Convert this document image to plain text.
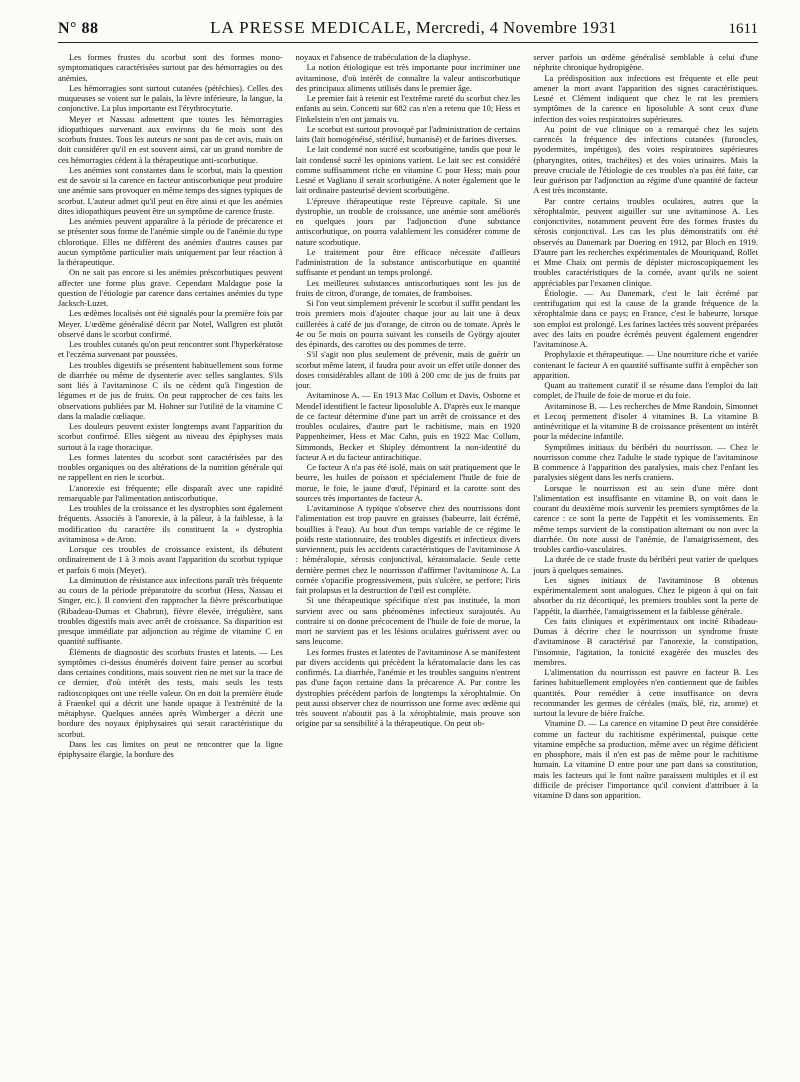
N° 88	LA PRESSE MEDICALE, Mercredi, 4 Novembre 1931	1611

Les formes frustes du scorbut sont des formes mono-symptomatiques caractérisées surtout par des hémorragies ou des anémies.

Les hémorragies sont surtout cutanées (pétéchies). Celles des muqueuses se voient sur le palais, la lèvre inférieure, la langue, la conjonctive. La plus importante est l'érythrocyturie.

Meyer et Nassau admettent que toutes les hémorragies idiopathiques survenant aux environs du 6e mois sont des scorbuts frustes. Tous les auteurs ne sont pas de cet avis, mais on doit considérer qu'il en est souvent ainsi, car un grand nombre de ces hémorragies cèdent à la thérapeutique anti-scorbutique.

Les anémies sont constantes dans le scorbut, mais la question est de savoir si la carence en facteur antiscorbutique peut produire une anémie sans provoquer en même temps des signes typiques de scorbut. L'auteur admet qu'il peut en être ainsi et que les anémies dites idiopathiques peuvent être un symptôme de carence fruste.

Les anémies peuvent apparaître à la période de précarence et se présenter sous forme de l'anémie simple ou de l'anémie du type chlorotique. Elles ne diffèrent des anémies d'autres causes par aucun symptôme particulier mais uniquement par leur réaction à la thérapeutique.

On ne sait pas encore si les anémies préscorbutiques peuvent affecter une forme plus grave. Cependant Maldague pose la question de l'étiologie par carence dans certaines anémies du type Jacksch-Luzet.

Les œdèmes localisés ont été signalés pour la première fois par Meyer. L'œdème généralisé décrit par Notel, Wallgren est plutôt observé dans le scorbut confirmé.

Les troubles cutanés qu'on peut rencontrer sont l'hyperkératose et l'eczéma survenant par poussées.

Les troubles digestifs se présentent habituellement sous forme de diarrhée ou même de dysenterie avec selles sanglantes. S'ils sont liés à l'avitaminose C ils ne cèdent qu'à l'ingestion de légumes et de jus de fruits. On peut rapprocher de ces faits les observations publiées par M. Hohner sur l'utilité de la vitamine C dans la maladie cœliaque.

Les douleurs peuvent exister longtemps avant l'apparition du scorbut confirmé. Elles siègent au niveau des épiphyses mais surtout à la cage thoracique.

Les formes latentes du scorbut sont caractérisées par des troubles organiques ou des altérations de la nutrition générale qui ne rappellent en rien le scorbut.

L'anorexie est fréquente; elle disparaît avec une rapidité remarquable par l'alimentation antiscorbutique.

Les troubles de la croissance et les dystrophies sont également fréquents. Associés à l'anorexie, à la pâleur, à la faiblesse, à la modification du caractère ils constituent la « dystrophia avitaminosa » de Aron.

Lorsque ces troubles de croissance existent, ils débutent ordinairement de 1 à 3 mois avant l'apparition du scorbut typique et parfois 6 mois (Meyer).

La diminution de résistance aux infections paraît très fréquente au cours de la période préparatoire du scorbut (Hess, Nassau et Singer, etc.). Il convient d'en rapprocher la fièvre préscorbutique (Ribadeau-Dumas et Chabrun), fièvre élevée, irrégulière, sans troubles digestifs mais avec arrêt de croissance. Sa disparition est presque immédiate par adjonction au régime de vitamine C en quantité suffisante.

Éléments de diagnostic des scorbuts frustes et latents. — Les symptômes ci-dessus énumérés doivent faire penser au scorbut dans certaines conditions, mais souvent rien ne met sur la trace de ce dernier, d'où intérêt des tests, mais seuls les tests radioscopiques ont une réelle valeur. On en doit la première étude à Fraenkel qui a décrit une bande opaque à l'extrémité de la métaphyse. Quelques années après Wimberger a décrit une bordure des noyaux épiphysaires qui serait caractéristique du scorbut.

Dans les cas limites on peut ne rencontrer que la ligne épiphysaire élargie, la bordure des

noyaux et l'absence de trabéculation de la diaphyse.

La notion étiologique est très importante pour incriminer une avitaminose, d'où intérêt de connaître la valeur antiscorbutique des principaux aliments utilisés dans le premier âge.

Le premier fait à retenir est l'extrême rareté du scorbut chez les enfants au sein. Concetti sur 682 cas n'en a retenu que 10; Hess et Finkelstein n'en ont jamais vu.

Le scorbut est surtout provoqué par l'administration de certains laits (lait homogénéisé, stérilisé, humanisé) et de farines diverses.

Le lait condensé non sucré est scorbutigène, tandis que pour le lait condensé sucré les opinions varient. Le lait sec est considéré comme suffisamment riche en vitamine C pour Hess; mais pour Lesné et Vagliano il serait scorbutigène. A noter également que le lait ordinaire pasteurisé devient scorbutigène.

L'épreuve thérapeutique reste l'épreuve capitale. Si une dystrophie, un trouble de croissance, une anémie sont améliorés en quelques jours par l'adjonction d'une substance antiscorbutique, on pourra valablement les considérer comme de nature scorbutique.

Le traitement pour être efficace nécessite d'ailleurs l'administration de la substance antiscorbutique en quantité suffisante et pendant un temps prolongé.

Les meilleures substances antiscorbutiques sont les jus de fruits de citron, d'orange, de tomates, de framboises.

Si l'on veut simplement prévenir le scorbut il suffit pendant les trois premiers mois d'ajouter chaque jour au lait une à deux cuillerées à café de jus d'orange, de citron ou de tomate. Après le 4e ou 5e mois on pourra suivant les conseils de György ajouter des épinards, des carottes ou des pommes de terre.

S'il s'agit non plus seulement de prévenir, mais de guérir un scorbut même latent, il faudra pour avoir un effet utile donner des doses considérables allant de 100 à 200 cmc de jus de fruits par jour.

Avitaminose A. — En 1913 Mac Collum et Davis, Osborne et Mendel identifient le facteur liposoluble A. D'après eux le manque de ce facteur détermine d'une part un arrêt de croissance et des troubles oculaires, d'autre part le rachitisme, mais en 1920 Pappenheimer, Hess et Mac Cahn, puis en 1922 Mac Collum, Simmonds, Becker et Shipley démontrent la non-identité du facteur A et du facteur antirachitique.

Ce facteur A n'a pas été isolé, mais on sait pratiquement que le beurre, les huiles de poisson et spécialement l'huile de foie de morue, le foie, le jaune d'œuf, l'épinard et la carotte sont des sources très importantes de facteur A.

L'avitaminose A typique s'observe chez des nourrissons dont l'alimentation est trop pauvre en graisses (babeurre, lait écrémé, bouillies à l'eau). Au bout d'un temps variable de ce régime le poids reste stationnaire, des troubles digestifs et infectieux divers surviennent, puis les accidents caractéristiques de l'avitaminose A : héméralopie, xérosis conjonctival, kératomalacie. Seule cette dernière permet chez le nourrisson d'affirmer l'avitaminose A. La cornée s'opacifie progressivement, puis s'ulcère, se perfore; l'iris fait prolapsus et la destruction de l'œil est complète.

Si une thérapeutique spécifique n'est pas instituée, la mort survient avec ou sans phénomènes infectieux surajoutés. Au contraire si on donne précocement de l'huile de foie de morue, la mort ne survient pas et les lésions oculaires guérissent avec ou sans leucome.

Les formes frustes et latentes de l'avitaminose A se manifestent par divers accidents qui précèdent la kératomalacie dans les cas confirmés. La diarrhée, l'anémie et les troubles sanguins n'entrent pas d'une façon certaine dans la précarence A. Par contre les dystrophies précèdent parfois de longtemps la xérophtalmie. On peut aussi observer chez de nourrisson une forme avec œdème qui très souvent n'aboutit pas à la xérophtalmie, mais prouve son origine par sa sensibilité à la thérapeutique. On peut ob-

server parfois un œdème généralisé semblable à celui d'une néphrite chronique hydropigène.

La prédisposition aux infections est fréquente et elle peut amener la mort avant l'apparition des signes caractéristiques. Lesné et Clément indiquent que chez le rat les premiers symptômes de la carence en liposoluble A sont ceux d'une infection des voies respiratoires supérieures.

Au point de vue clinique on a remarqué chez les sujets carencés la fréquence des infections cutanées (furoncles, pyodermites, impétigos), des voies respiratoires supérieures (pharyngites, otites, trachéites) et des voies urinaires. Mais la preuve cruciale de l'étiologie de ces troubles n'a pas été faite, car leur guérison par l'adjonction au régime d'une quantité de facteur A est très inconstante.

Par contre certains troubles oculaires, autres que la xérophtalmie, peuvent aiguiller sur une avitaminose A. Les conjonctivites, notamment peuvent être des formes frustes du xérosis conjonctival. Les cas les plus démonstratifs ont été observés au Danemark par Doering en 1912, par Bloch en 1919. D'autre part les recherches expérimentales de Mouriquand, Rollet et Mme Chaix ont permis de dépister microscopiquement les troubles caractéristiques de la cornée, avant qu'ils ne soient appréciables par l'examen clinique.

Étiologie. — Au Danemark, c'est le lait écrémé par centrifugation qui est la cause de la grande fréquence de la xérophtalmie dans ce pays; en France, c'est le babeurre, lorsque son emploi est prolongé. Les farines lactées très souvent préparées avec des laits en poudre écrémés peuvent également engendrer l'avitaminose A.

Prophylaxie et thérapeutique. — Une nourriture riche et variée contenant le facteur A en quantité suffisante suffit à empêcher son apparition.

Quant au traitement curatif il se résume dans l'emploi du lait complet, de l'huile de foie de morue et du foie.

Avitaminose B. — Les recherches de Mme Randoin, Simonnet et Lecoq permettent d'isoler 4 vitamines B. La vitamine B antinévritique et la vitamine B de croissance présentent un intérêt pour la médecine infantile.

Symptômes initiaux du béribéri du nourrisson. — Chez le nourrisson comme chez l'adulte le stade typique de l'avitaminose B commence à l'apparition des paralysies, mais chez l'enfant les paralysies siègent dans les nerfs craniens.

Lorsque le nourrisson est au sein d'une mère dont l'alimentation est insuffisante en vitamine B, on voit dans le courant du deuxième mois survenir les premiers symptômes de la carence : ce sont la perte de l'appétit et les vomissements. En même temps survient de la constipation alternant ou non avec la diarrhée. On note aussi de l'anémie, de l'amaigrissement, des troubles cardio-vasculaires.

La durée de ce stade fruste du béribéri peut varier de quelques jours à quelques semaines.

Les signes initiaux de l'avitaminose B obtenus expérimentalement sont analogues. Chez le pigeon à qui on fait absorber du riz décortiqué, les premiers troubles sont la perte de l'appétit, la diarrhée, l'amaigrissement et la faiblesse générale.

Ces faits cliniques et expérimentaux ont incité Ribadeau-Dumas à décrire chez le nourrisson un syndrome fruste d'avitaminose B caractérisé par l'anorexie, la constipation, l'insomnie, l'agitation, la tonicité exagérée des muscles des membres.

L'alimentation du nourrisson est pauvre en facteur B. Les farines habituellement employées n'en contiennent que de faibles quantités. Pour remédier à cette insuffisance on devra recommander les germes de céréales (maïs, blé, riz, arome) et surtout la levure de bière fraîche.

Vitamine D. — La carence en vitamine D peut être considérée comme un facteur du rachitisme expérimental, puisque cette vitamine empêche sa production, même avec un régime déficient en phosphore, mais il n'en est pas de même pour le rachitisme humain. La vitamine D entre pour une part dans sa constitution, mais les facteurs qui le font naître paraissent multiples et il est difficile de préciser l'importance qu'il convient d'attribuer à la vitamine D dans son apparition.
